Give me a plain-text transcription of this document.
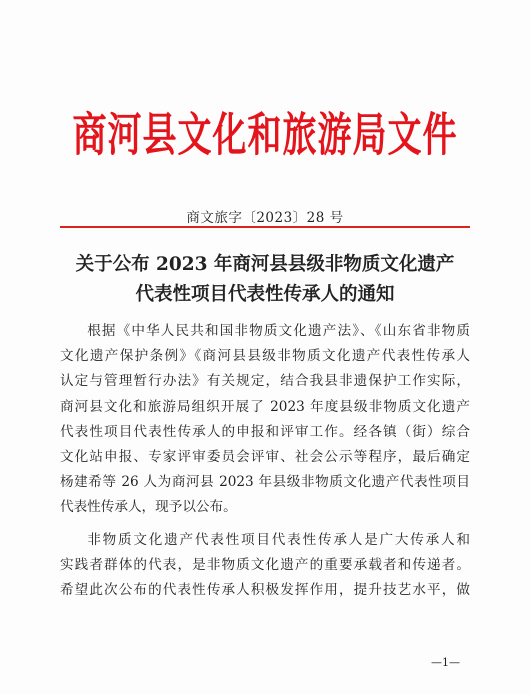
商河县文化和旅游局文件
商文旅字〔2023〕28 号
关于公布 2023 年商河县县级非物质文化遗产
代表性项目代表性传承人的通知
根据《中华人民共和国非物质文化遗产法》、《山东省非物质
文化遗产保护条例》《商河县县级非物质文化遗产代表性传承人
认定与管理暂行办法》有关规定，结合我县非遗保护工作实际，
商河县文化和旅游局组织开展了 2023 年度县级非物质文化遗产
代表性项目代表性传承人的申报和评审工作。经各镇（街）综合
文化站申报、专家评审委员会评审、社会公示等程序，最后确定
杨建希等 26 人为商河县 2023 年县级非物质文化遗产代表性项目
代表性传承人，现予以公布。
非物质文化遗产代表性项目代表性传承人是广大传承人和
实践者群体的代表，是非物质文化遗产的重要承载者和传递者。
希望此次公布的代表性传承人积极发挥作用，提升技艺水平，做
—1—
